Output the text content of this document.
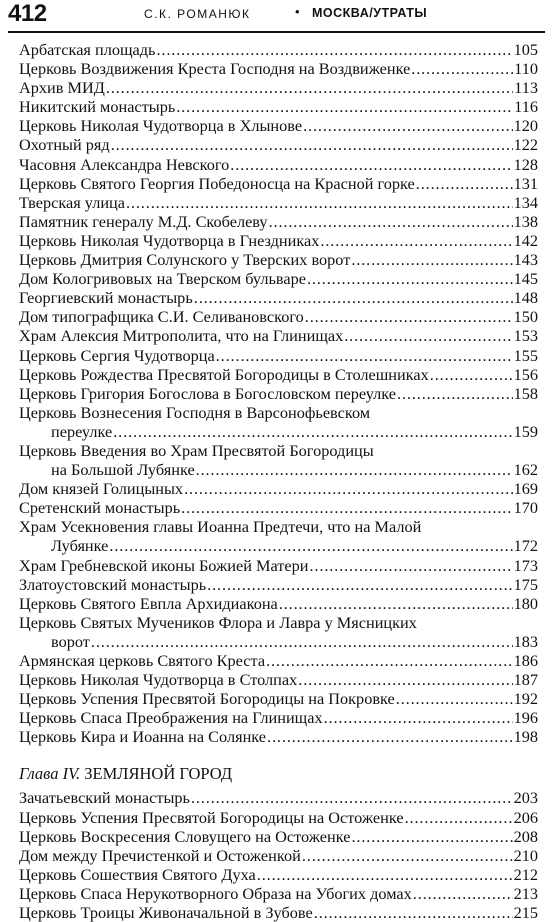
412	С.К. РОМАНЮК	• МОСКВА/УТРАТЫ
Арбатская площадь . . .	105
Церковь Воздвижения Креста Господня на Воздвиженке . . .	110
Архив МИД . . .	113
Никитский монастырь . . .	116
Церковь Николая Чудотворца в Хлынове . . .	120
Охотный ряд . . .	122
Часовня Александра Невского . . .	128
Церковь Святого Георгия Победоносца на Красной горке . . .	131
Тверская улица . . .	134
Памятник генералу М.Д. Скобелеву . . .	138
Церковь Николая Чудотворца в Гнездниках . . .	142
Церковь Дмитрия Солунского у Тверских ворот . . .	143
Дом Кологривовых на Тверском бульваре . . .	145
Георгиевский монастырь . . .	148
Дом типографщика С.И. Селивановского . . .	150
Храм Алексия Митрополита, что на Глинищах . . .	153
Церковь Сергия Чудотворца . . .	155
Церковь Рождества Пресвятой Богородицы в Столешниках . . .	156
Церковь Григория Богослова в Богословском переулке . . .	158
Церковь Вознесения Господня в Варсонофьевском
переулке . . .	159
Церковь Введения во Храм Пресвятой Богородицы
на Большой Лубянке . . .	162
Дом князей Голицыных . . .	169
Сретенский монастырь . . .	170
Храм Усекновения главы Иоанна Предтечи, что на Малой
Лубянке . . .	172
Храм Гребневской иконы Божией Матери . . .	173
Златоустовский монастырь . . .	175
Церковь Святого Евпла Архидиакона . . .	180
Церковь Святых Мучеников Флора и Лавра у Мясницких
ворот . . .	183
Армянская церковь Святого Креста . . .	186
Церковь Николая Чудотворца в Столпах . . .	187
Церковь Успения Пресвятой Богородицы на Покровке . . .	192
Церковь Спаса Преображения на Глинищах . . .	196
Церковь Кира и Иоанна на Солянке . . .	198
Глава IV. ЗЕМЛЯНОЙ ГОРОД
Зачатьевский монастырь . . .	203
Церковь Успения Пресвятой Богородицы на Остоженке . . .	206
Церковь Воскресения Словущего на Остоженке . . .	208
Дом между Пречистенкой и Остоженкой . . .	210
Церковь Сошествия Святого Духа . . .	212
Церковь Спаса Нерукотворного Образа на Убогих домах . . .	213
Церковь Троицы Живоначальной в Зубове . . .	215
